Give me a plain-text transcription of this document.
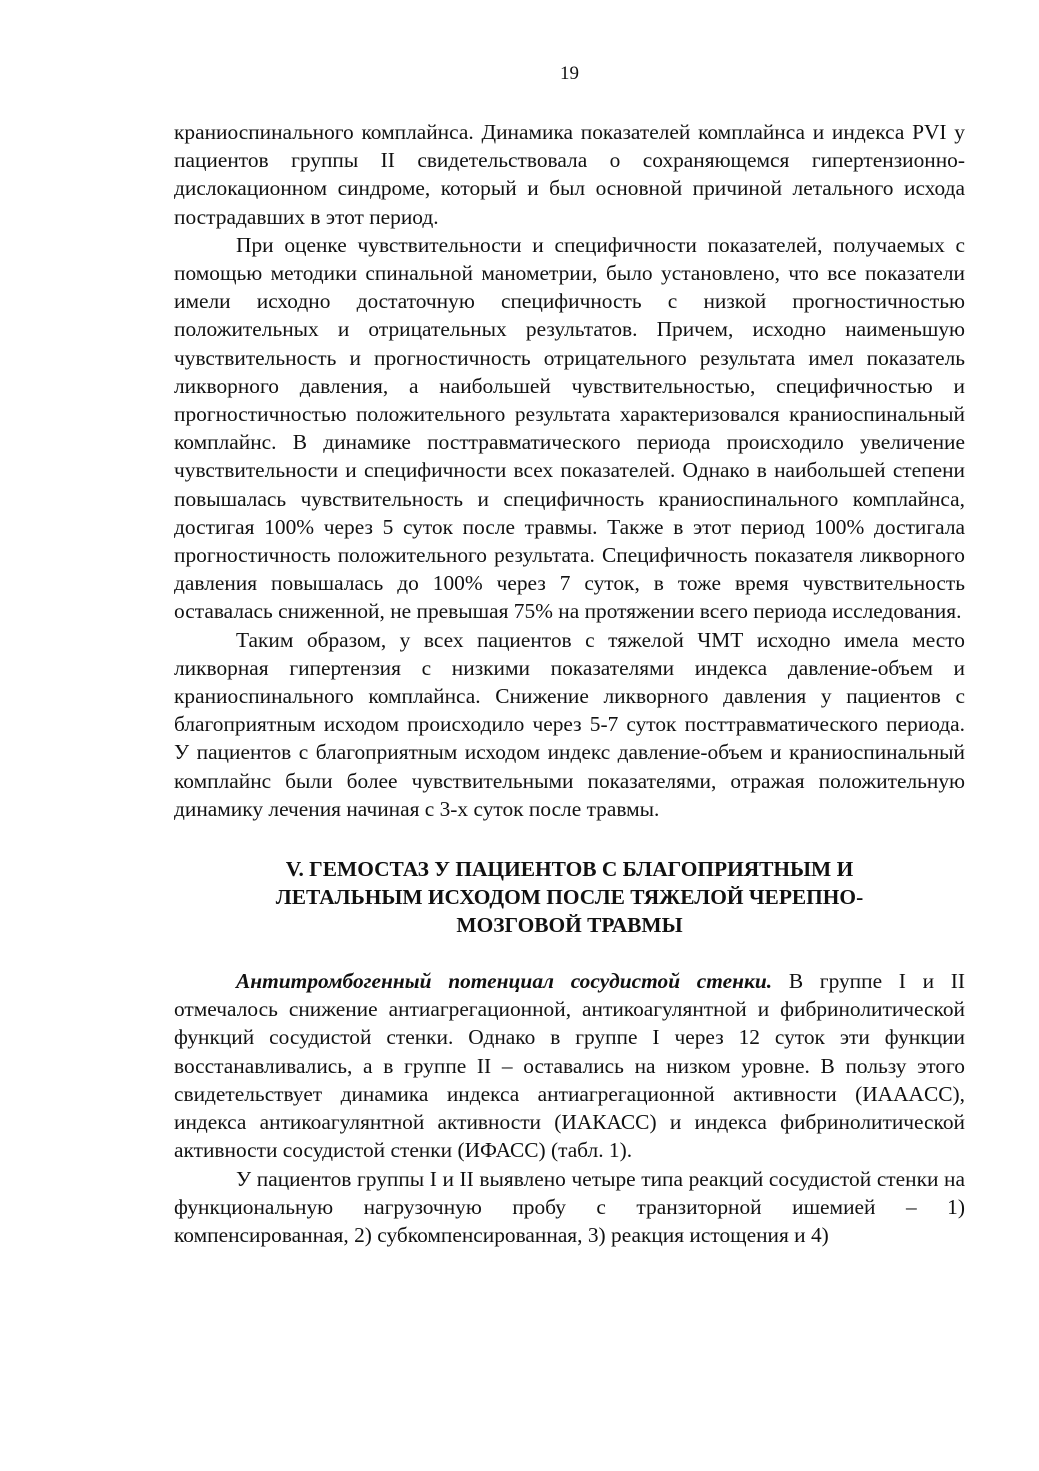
19

краниоспинального комплайнса. Динамика показателей комплайнса и индекса PVI у пациентов группы II свидетельствовала о сохраняющемся гипертензионно-дислокационном синдроме, который и был основной причиной летального исхода пострадавших в этот период.

При оценке чувствительности и специфичности показателей, получаемых с помощью методики спинальной манометрии, было установлено, что все показатели имели исходно достаточную специфичность с низкой прогностичностью положительных и отрицательных результатов. Причем, исходно наименьшую чувствительность и прогностичность отрицательного результата имел показатель ликворного давления, а наибольшей чувствительностью, специфичностью и прогностичностью положительного результата характеризовался краниоспинальный комплайнс. В динамике посттравматического периода происходило увеличение чувствительности и специфичности всех показателей. Однако в наибольшей степени повышалась чувствительность и специфичность краниоспинального комплайнса, достигая 100% через 5 суток после травмы. Также в этот период 100% достигала прогностичность положительного результата. Специфичность показателя ликворного давления повышалась до 100% через 7 суток, в тоже время чувствительность оставалась сниженной, не превышая 75% на протяжении всего периода исследования.

Таким образом, у всех пациентов с тяжелой ЧМТ исходно имела место ликворная гипертензия с низкими показателями индекса давление-объем и краниоспинального комплайнса. Снижение ликворного давления у пациентов с благоприятным исходом происходило через 5-7 суток посттравматического периода. У пациентов с благоприятным исходом индекс давление-объем и краниоспинальный комплайнс были более чувствительными показателями, отражая положительную динамику лечения начиная с 3-х суток после травмы.

V. ГЕМОСТАЗ У ПАЦИЕНТОВ С БЛАГОПРИЯТНЫМ И
ЛЕТАЛЬНЫМ ИСХОДОМ ПОСЛЕ ТЯЖЕЛОЙ ЧЕРЕПНО-
МОЗГОВОЙ ТРАВМЫ

Антитромбогенный потенциал сосудистой стенки. В группе I и II отмечалось снижение антиагрегационной, антикоагулянтной и фибринолитической функций сосудистой стенки. Однако в группе I через 12 суток эти функции восстанавливались, а в группе II – оставались на низком уровне. В пользу этого свидетельствует динамика индекса антиагрегационной активности (ИААACC), индекса антикоагулянтной активности (ИАКАСС) и индекса фибринолитической активности сосудистой стенки (ИФАСС) (табл. 1).

У пациентов группы I и II выявлено четыре типа реакций сосудистой стенки на функциональную нагрузочную пробу с транзиторной ишемией – 1) компенсированная, 2) субкомпенсированная, 3) реакция истощения и 4)
